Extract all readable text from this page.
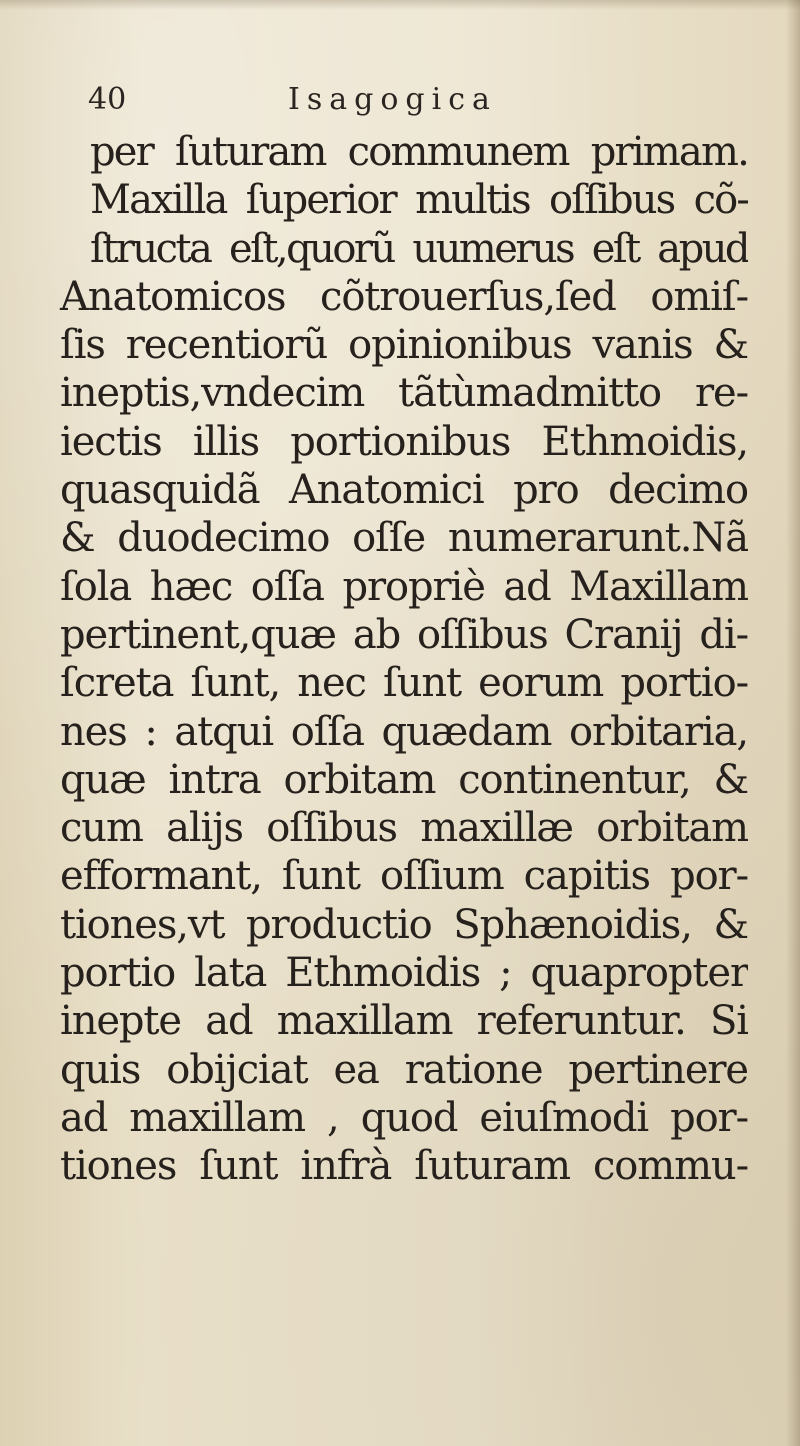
40	Isagogica
per ſuturam communem primam.
Maxilla ſuperior multis oſſibus cõ-
ſtructa eſt,quorũ uumerus eſt apud
Anatomicos cõtrouerſus,ſed omiſ-
ſis recentiorũ opinionibus vanis &
ineptis,vndecim tãtùmadmitto re-
iectis illis portionibus Ethmoidis,
quasquidã Anatomici pro decimo
& duodecimo oſſe numerarunt.Nã
ſola hæc oſſa propriè ad Maxillam
pertinent,quæ ab oſſibus Cranij di-
ſcreta ſunt, nec ſunt eorum portio-
nes : atqui oſſa quædam orbitaria,
quæ intra orbitam continentur, &
cum alijs oſſibus maxillæ orbitam
efformant, ſunt oſſium capitis por-
tiones,vt productio Sphænoidis, &
portio lata Ethmoidis ; quapropter
inepte ad maxillam referuntur. Si
quis obijciat ea ratione pertinere
ad maxillam , quod eiuſmodi por-
tiones ſunt infrà ſuturam commu-
